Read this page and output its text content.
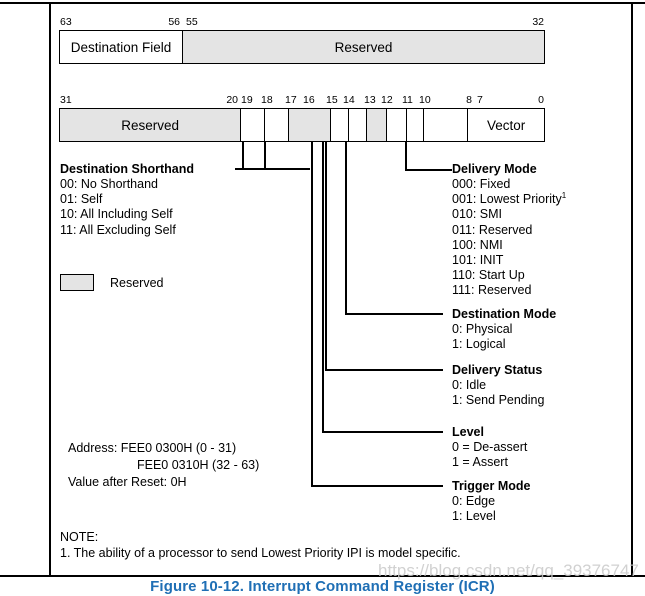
63	56 55	32
Destination Field	Reserved
31	20 19 18 17 16 15 14 13 12 11 10	8 7	0
Reserved	Vector
Destination Shorthand
00: No Shorthand
01: Self
10: All Including Self
11: All Excluding Self
Delivery Mode
000: Fixed
001: Lowest Priority$^1$
010: SMI
011: Reserved
100: NMI
101: INIT
110: Start Up
111: Reserved
Reserved
Destination Mode
0: Physical
1: Logical
Delivery Status
0: Idle
1: Send Pending
Level
0 = De-assert
1 = Assert
Trigger Mode
0: Edge
1: Level
Address: FEE0 0300H (0 - 31)
FEE0 0310H (32 - 63)
Value after Reset: 0H
NOTE:
1. The ability of a processor to send Lowest Priority IPI is model specific.
https://blog.csdn.net/qq_39376747
Figure 10-12. Interrupt Command Register (ICR)
